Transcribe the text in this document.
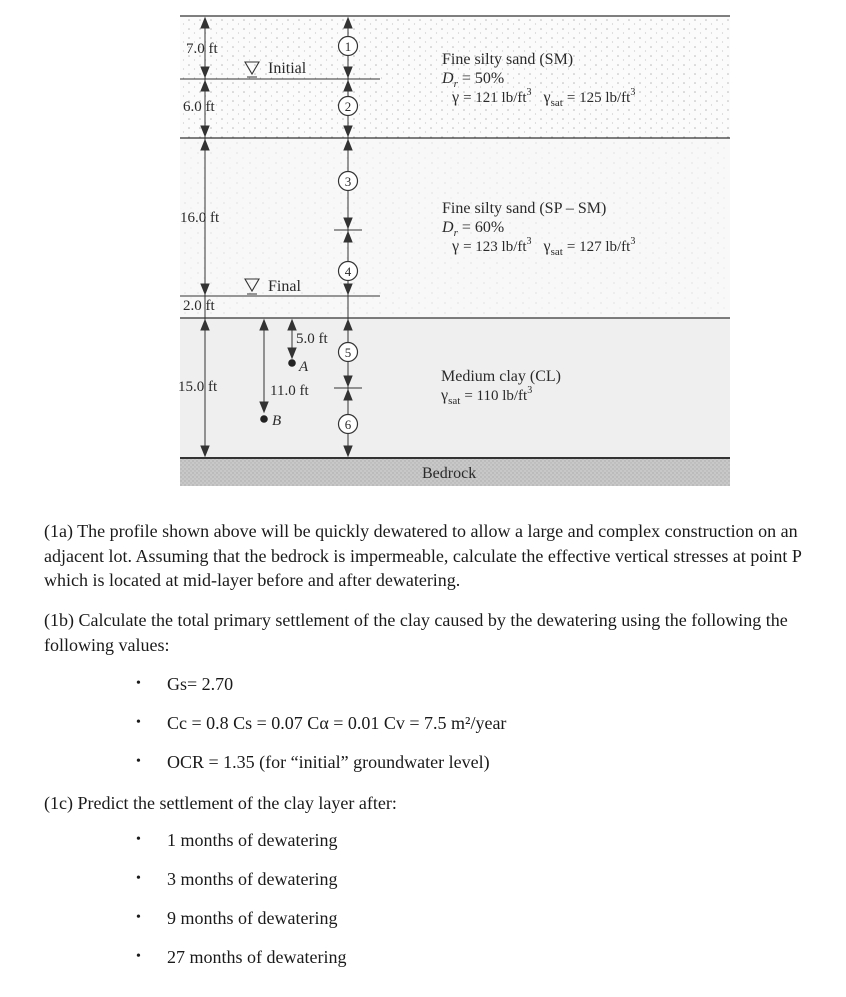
7.0 ft
6.0 ft
16.0 ft
2.0 ft
15.0 ft
Initial
Final
1
2
3
4
5
6
5.0 ft
A
11.0 ft
B
Fine silty sand (SM)
$D_r = 50\%$
γ = 121 $lb/ft^3$ $\gamma_{sat} = 125$ $lb/ft^3$
Fine silty sand (SP – SM)
$D_r = 60\%$
γ = 123 $lb/ft^3$ $\gamma_{sat} = 127$ $lb/ft^3$
Medium clay (CL)
$\gamma_{sat} = 110$ $lb/ft^3$
Bedrock

(1a) The profile shown above will be quickly dewatered to allow a large and complex construction on an adjacent lot. Assuming that the bedrock is impermeable, calculate the effective vertical stresses at point P which is located at mid-layer before and after dewatering.

(1b) Calculate the total primary settlement of the clay caused by the dewatering using the following the following values:

• Gs= 2.70
• Cc = 0.8 Cs = 0.07 Cα = 0.01 Cv = 7.5 m²/year
• OCR = 1.35 (for “initial” groundwater level)

(1c) Predict the settlement of the clay layer after:

• 1 months of dewatering
• 3 months of dewatering
• 9 months of dewatering
• 27 months of dewatering
